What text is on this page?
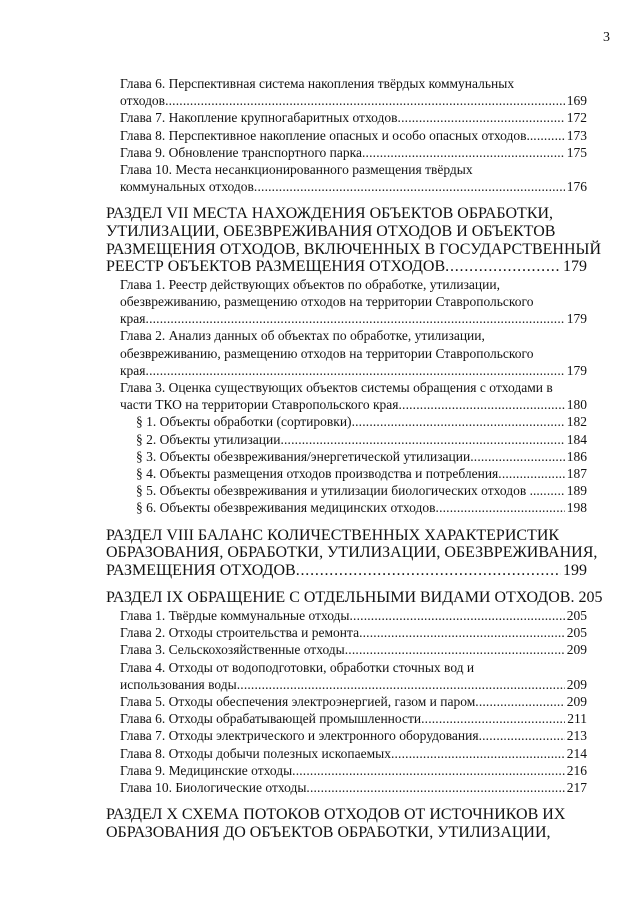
3
Глава 6. Перспективная система накопления твёрдых коммунальных
отходов . . .	169
Глава 7. Накопление крупногабаритных отходов . . .	172
Глава 8. Перспективное накопление опасных и особо опасных отходов.. . . . 173
Глава 9. Обновление транспортного парка . . .	175
Глава 10. Места несанкционированного размещения твёрдых
коммунальных отходов . . .	176
РАЗДЕЛ VII МЕСТА НАХОЖДЕНИЯ ОБЪЕКТОВ ОБРАБОТКИ,
УТИЛИЗАЦИИ, ОБЕЗВРЕЖИВАНИЯ ОТХОДОВ И ОБЪЕКТОВ
РАЗМЕЩЕНИЯ ОТХОДОВ, ВКЛЮЧЕННЫХ В ГОСУДАРСТВЕННЫЙ
РЕЕСТР ОБЪЕКТОВ РАЗМЕЩЕНИЯ ОТХОДОВ . . .	179
Глава 1. Реестр действующих объектов по обработке, утилизации,
обезвреживанию, размещению отходов на территории Ставропольского
края . . .	179
Глава 2. Анализ данных об объектах по обработке, утилизации,
обезвреживанию, размещению отходов на территории Ставропольского
края . . .	179
Глава 3. Оценка существующих объектов системы обращения с отходами в
части ТКО на территории Ставропольского края . . .	180
§ 1. Объекты обработки (сортировки) . . .	182
§ 2. Объекты утилизации . . .	184
§ 3. Объекты обезвреживания/энергетической утилизации . . .	186
§ 4. Объекты размещения отходов производства и потребления . . .	187
§ 5. Объекты обезвреживания и утилизации биологических отходов ... . . . 189
§ 6. Объекты обезвреживания медицинских отходов . . .	198
РАЗДЕЛ VIII БАЛАНС КОЛИЧЕСТВЕННЫХ ХАРАКТЕРИСТИК
ОБРАЗОВАНИЯ, ОБРАБОТКИ, УТИЛИЗАЦИИ, ОБЕЗВРЕЖИВАНИЯ,
РАЗМЕЩЕНИЯ ОТХОДОВ . . .	199
РАЗДЕЛ IX ОБРАЩЕНИЕ С ОТДЕЛЬНЫМИ ВИДАМИ ОТХОДОВ . . . 205
Глава 1. Твёрдые коммунальные отходы . . .	205
Глава 2. Отходы строительства и ремонта . . .	205
Глава 3. Сельскохозяйственные отходы . . .	209
Глава 4. Отходы от водоподготовки, обработки сточных вод и
использования воды . . .	209
Глава 5. Отходы обеспечения электроэнергией, газом и паром . . .	209
Глава 6. Отходы обрабатывающей промышленности . . .	211
Глава 7. Отходы электрического и электронного оборудования . . .	213
Глава 8. Отходы добычи полезных ископаемых . . .	214
Глава 9. Медицинские отходы . . .	216
Глава 10. Биологические отходы . . .	217
РАЗДЕЛ X СХЕМА ПОТОКОВ ОТХОДОВ ОТ ИСТОЧНИКОВ ИХ
ОБРАЗОВАНИЯ ДО ОБЪЕКТОВ ОБРАБОТКИ, УТИЛИЗАЦИИ,
